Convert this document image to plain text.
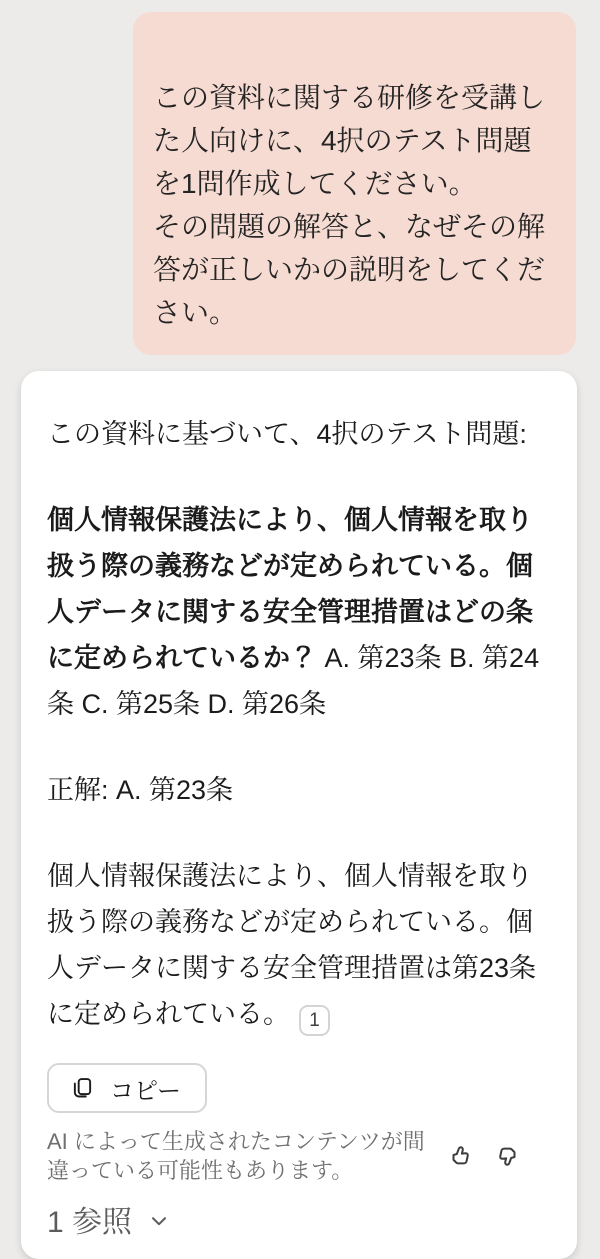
この資料に関する研修を受講した人向けに、4択のテスト問題を1問作成してください。
その問題の解答と、なぜその解答が正しいかの説明をしてください。

この資料に基づいて、4択のテスト問題:

個人情報保護法により、個人情報を取り扱う際の義務などが定められている。個人データに関する安全管理措置はどの条に定められているか？ A. 第23条 B. 第24条 C. 第25条 D. 第26条

正解: A. 第23条

個人情報保護法により、個人情報を取り扱う際の義務などが定められている。個人データに関する安全管理措置は第23条に定められている。 1

コピー
AI によって生成されたコンテンツが間違っている可能性もあります。
1 参照
